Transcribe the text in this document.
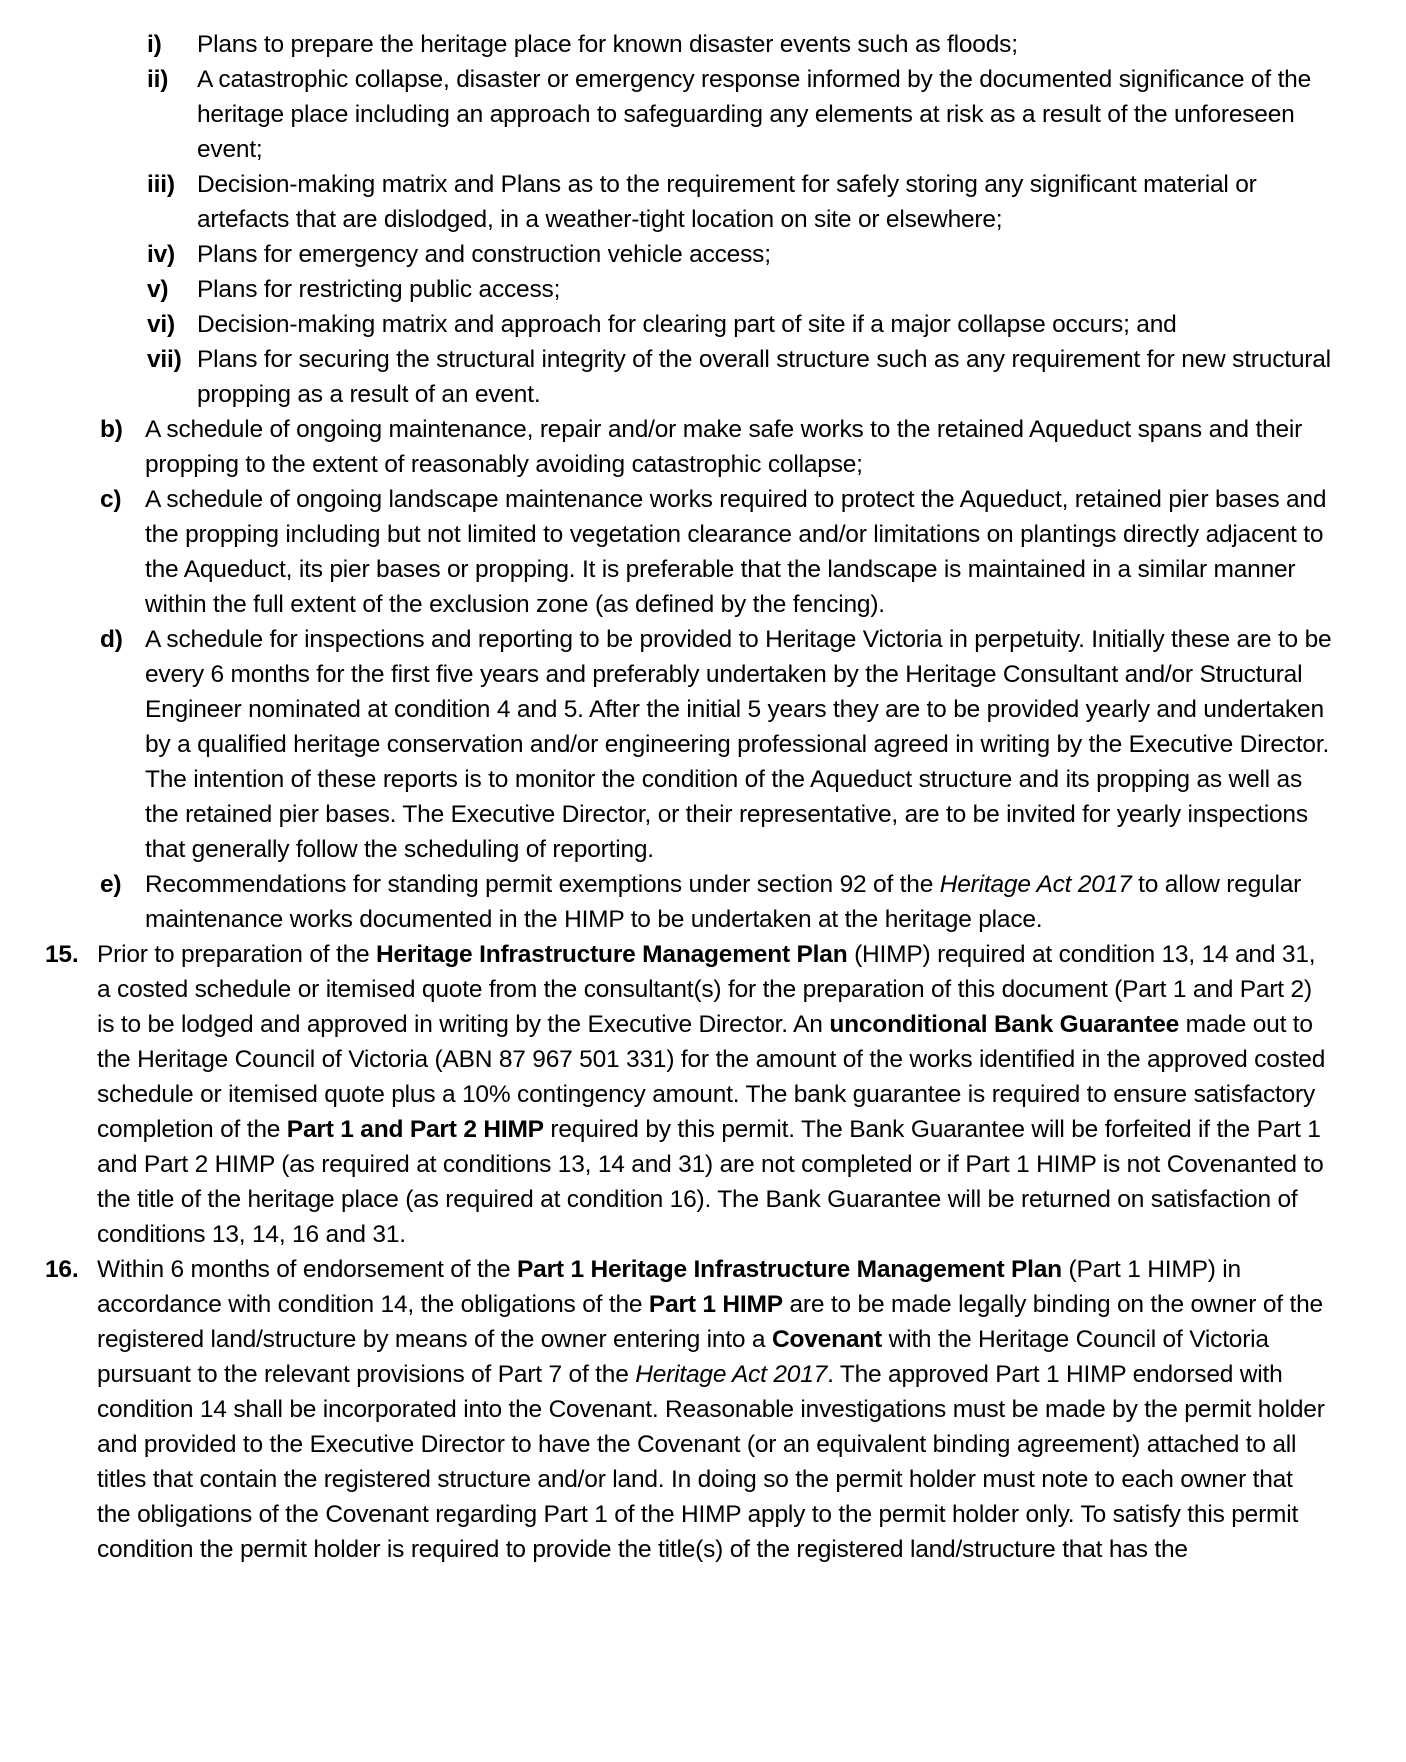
i) Plans to prepare the heritage place for known disaster events such as floods;
ii) A catastrophic collapse, disaster or emergency response informed by the documented significance of the heritage place including an approach to safeguarding any elements at risk as a result of the unforeseen event;
iii) Decision-making matrix and Plans as to the requirement for safely storing any significant material or artefacts that are dislodged, in a weather-tight location on site or elsewhere;
iv) Plans for emergency and construction vehicle access;
v) Plans for restricting public access;
vi) Decision-making matrix and approach for clearing part of site if a major collapse occurs; and
vii) Plans for securing the structural integrity of the overall structure such as any requirement for new structural propping as a result of an event.
b) A schedule of ongoing maintenance, repair and/or make safe works to the retained Aqueduct spans and their propping to the extent of reasonably avoiding catastrophic collapse;
c) A schedule of ongoing landscape maintenance works required to protect the Aqueduct, retained pier bases and the propping including but not limited to vegetation clearance and/or limitations on plantings directly adjacent to the Aqueduct, its pier bases or propping. It is preferable that the landscape is maintained in a similar manner within the full extent of the exclusion zone (as defined by the fencing).
d) A schedule for inspections and reporting to be provided to Heritage Victoria in perpetuity. Initially these are to be every 6 months for the first five years and preferably undertaken by the Heritage Consultant and/or Structural Engineer nominated at condition 4 and 5. After the initial 5 years they are to be provided yearly and undertaken by a qualified heritage conservation and/or engineering professional agreed in writing by the Executive Director. The intention of these reports is to monitor the condition of the Aqueduct structure and its propping as well as the retained pier bases. The Executive Director, or their representative, are to be invited for yearly inspections that generally follow the scheduling of reporting.
e) Recommendations for standing permit exemptions under section 92 of the Heritage Act 2017 to allow regular maintenance works documented in the HIMP to be undertaken at the heritage place.
15. Prior to preparation of the Heritage Infrastructure Management Plan (HIMP) required at condition 13, 14 and 31, a costed schedule or itemised quote from the consultant(s) for the preparation of this document (Part 1 and Part 2) is to be lodged and approved in writing by the Executive Director. An unconditional Bank Guarantee made out to the Heritage Council of Victoria (ABN 87 967 501 331) for the amount of the works identified in the approved costed schedule or itemised quote plus a 10% contingency amount. The bank guarantee is required to ensure satisfactory completion of the Part 1 and Part 2 HIMP required by this permit. The Bank Guarantee will be forfeited if the Part 1 and Part 2 HIMP (as required at conditions 13, 14 and 31) are not completed or if Part 1 HIMP is not Covenanted to the title of the heritage place (as required at condition 16). The Bank Guarantee will be returned on satisfaction of conditions 13, 14, 16 and 31.
16. Within 6 months of endorsement of the Part 1 Heritage Infrastructure Management Plan (Part 1 HIMP) in accordance with condition 14, the obligations of the Part 1 HIMP are to be made legally binding on the owner of the registered land/structure by means of the owner entering into a Covenant with the Heritage Council of Victoria pursuant to the relevant provisions of Part 7 of the Heritage Act 2017. The approved Part 1 HIMP endorsed with condition 14 shall be incorporated into the Covenant. Reasonable investigations must be made by the permit holder and provided to the Executive Director to have the Covenant (or an equivalent binding agreement) attached to all titles that contain the registered structure and/or land. In doing so the permit holder must note to each owner that the obligations of the Covenant regarding Part 1 of the HIMP apply to the permit holder only. To satisfy this permit condition the permit holder is required to provide the title(s) of the registered land/structure that has the
